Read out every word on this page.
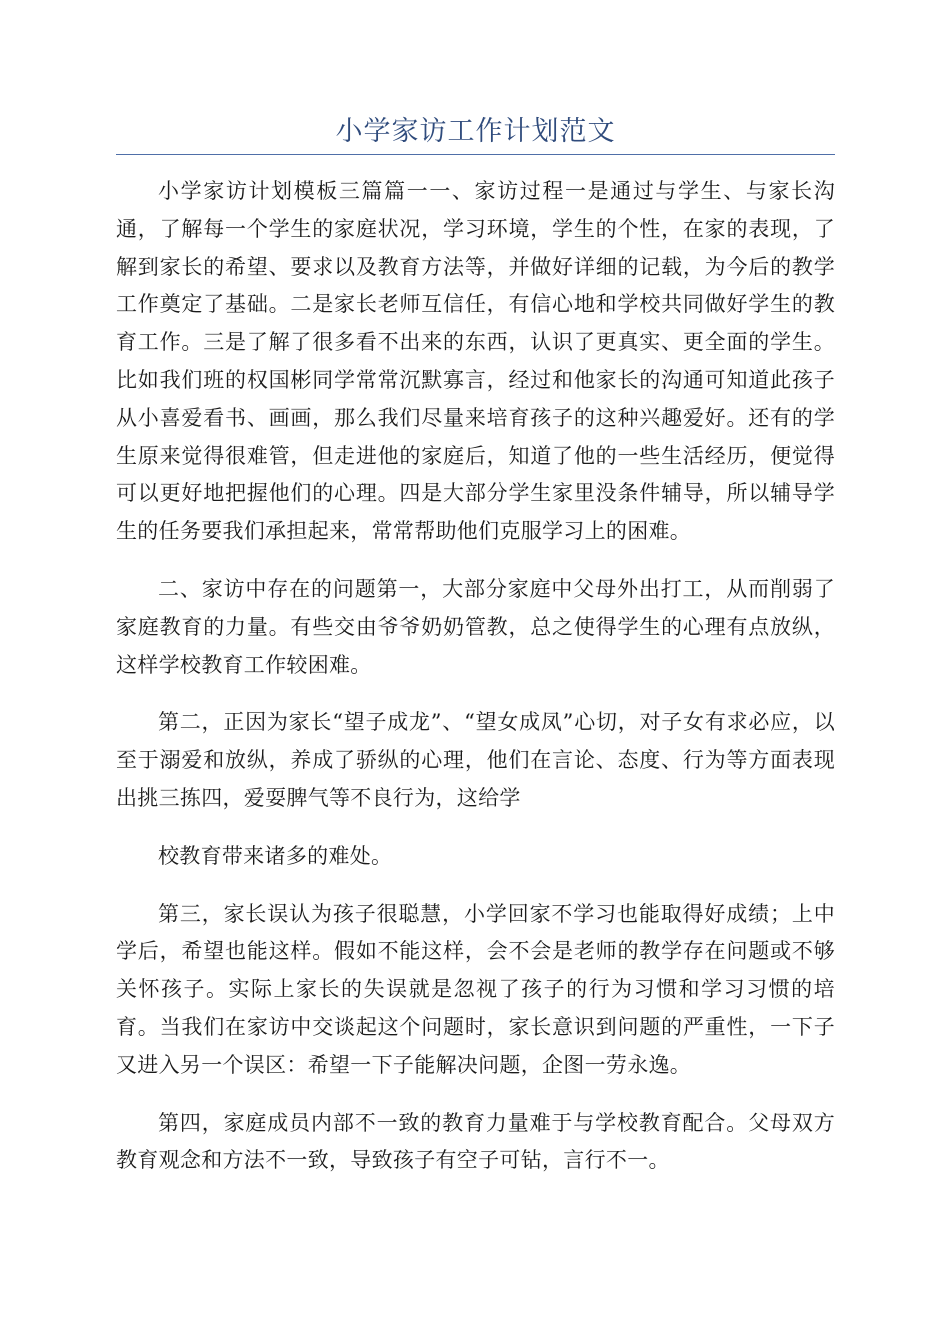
小学家访工作计划范文

小学家访计划模板三篇篇一一、家访过程一是通过与学生、与家长沟通，了解每一个学生的家庭状况，学习环境，学生的个性，在家的表现，了解到家长的希望、要求以及教育方法等，并做好详细的记载，为今后的教学工作奠定了基础。二是家长老师互信任，有信心地和学校共同做好学生的教育工作。三是了解了很多看不出来的东西，认识了更真实、更全面的学生。比如我们班的权国彬同学常常沉默寡言，经过和他家长的沟通可知道此孩子从小喜爱看书、画画，那么我们尽量来培育孩子的这种兴趣爱好。还有的学生原来觉得很难管，但走进他的家庭后，知道了他的一些生活经历，便觉得可以更好地把握他们的心理。四是大部分学生家里没条件辅导，所以辅导学生的任务要我们承担起来，常常帮助他们克服学习上的困难。

二、家访中存在的问题第一，大部分家庭中父母外出打工，从而削弱了家庭教育的力量。有些交由爷爷奶奶管教，总之使得学生的心理有点放纵，这样学校教育工作较困难。

第二，正因为家长“望子成龙”、“望女成凤”心切，对子女有求必应，以至于溺爱和放纵，养成了骄纵的心理，他们在言论、态度、行为等方面表现出挑三拣四，爱耍脾气等不良行为，这给学

校教育带来诸多的难处。

第三，家长误认为孩子很聪慧，小学回家不学习也能取得好成绩；上中学后，希望也能这样。假如不能这样，会不会是老师的教学存在问题或不够关怀孩子。实际上家长的失误就是忽视了孩子的行为习惯和学习习惯的培育。当我们在家访中交谈起这个问题时，家长意识到问题的严重性，一下子又进入另一个误区：希望一下子能解决问题，企图一劳永逸。

第四，家庭成员内部不一致的教育力量难于与学校教育配合。父母双方教育观念和方法不一致，导致孩子有空子可钻，言行不一。
